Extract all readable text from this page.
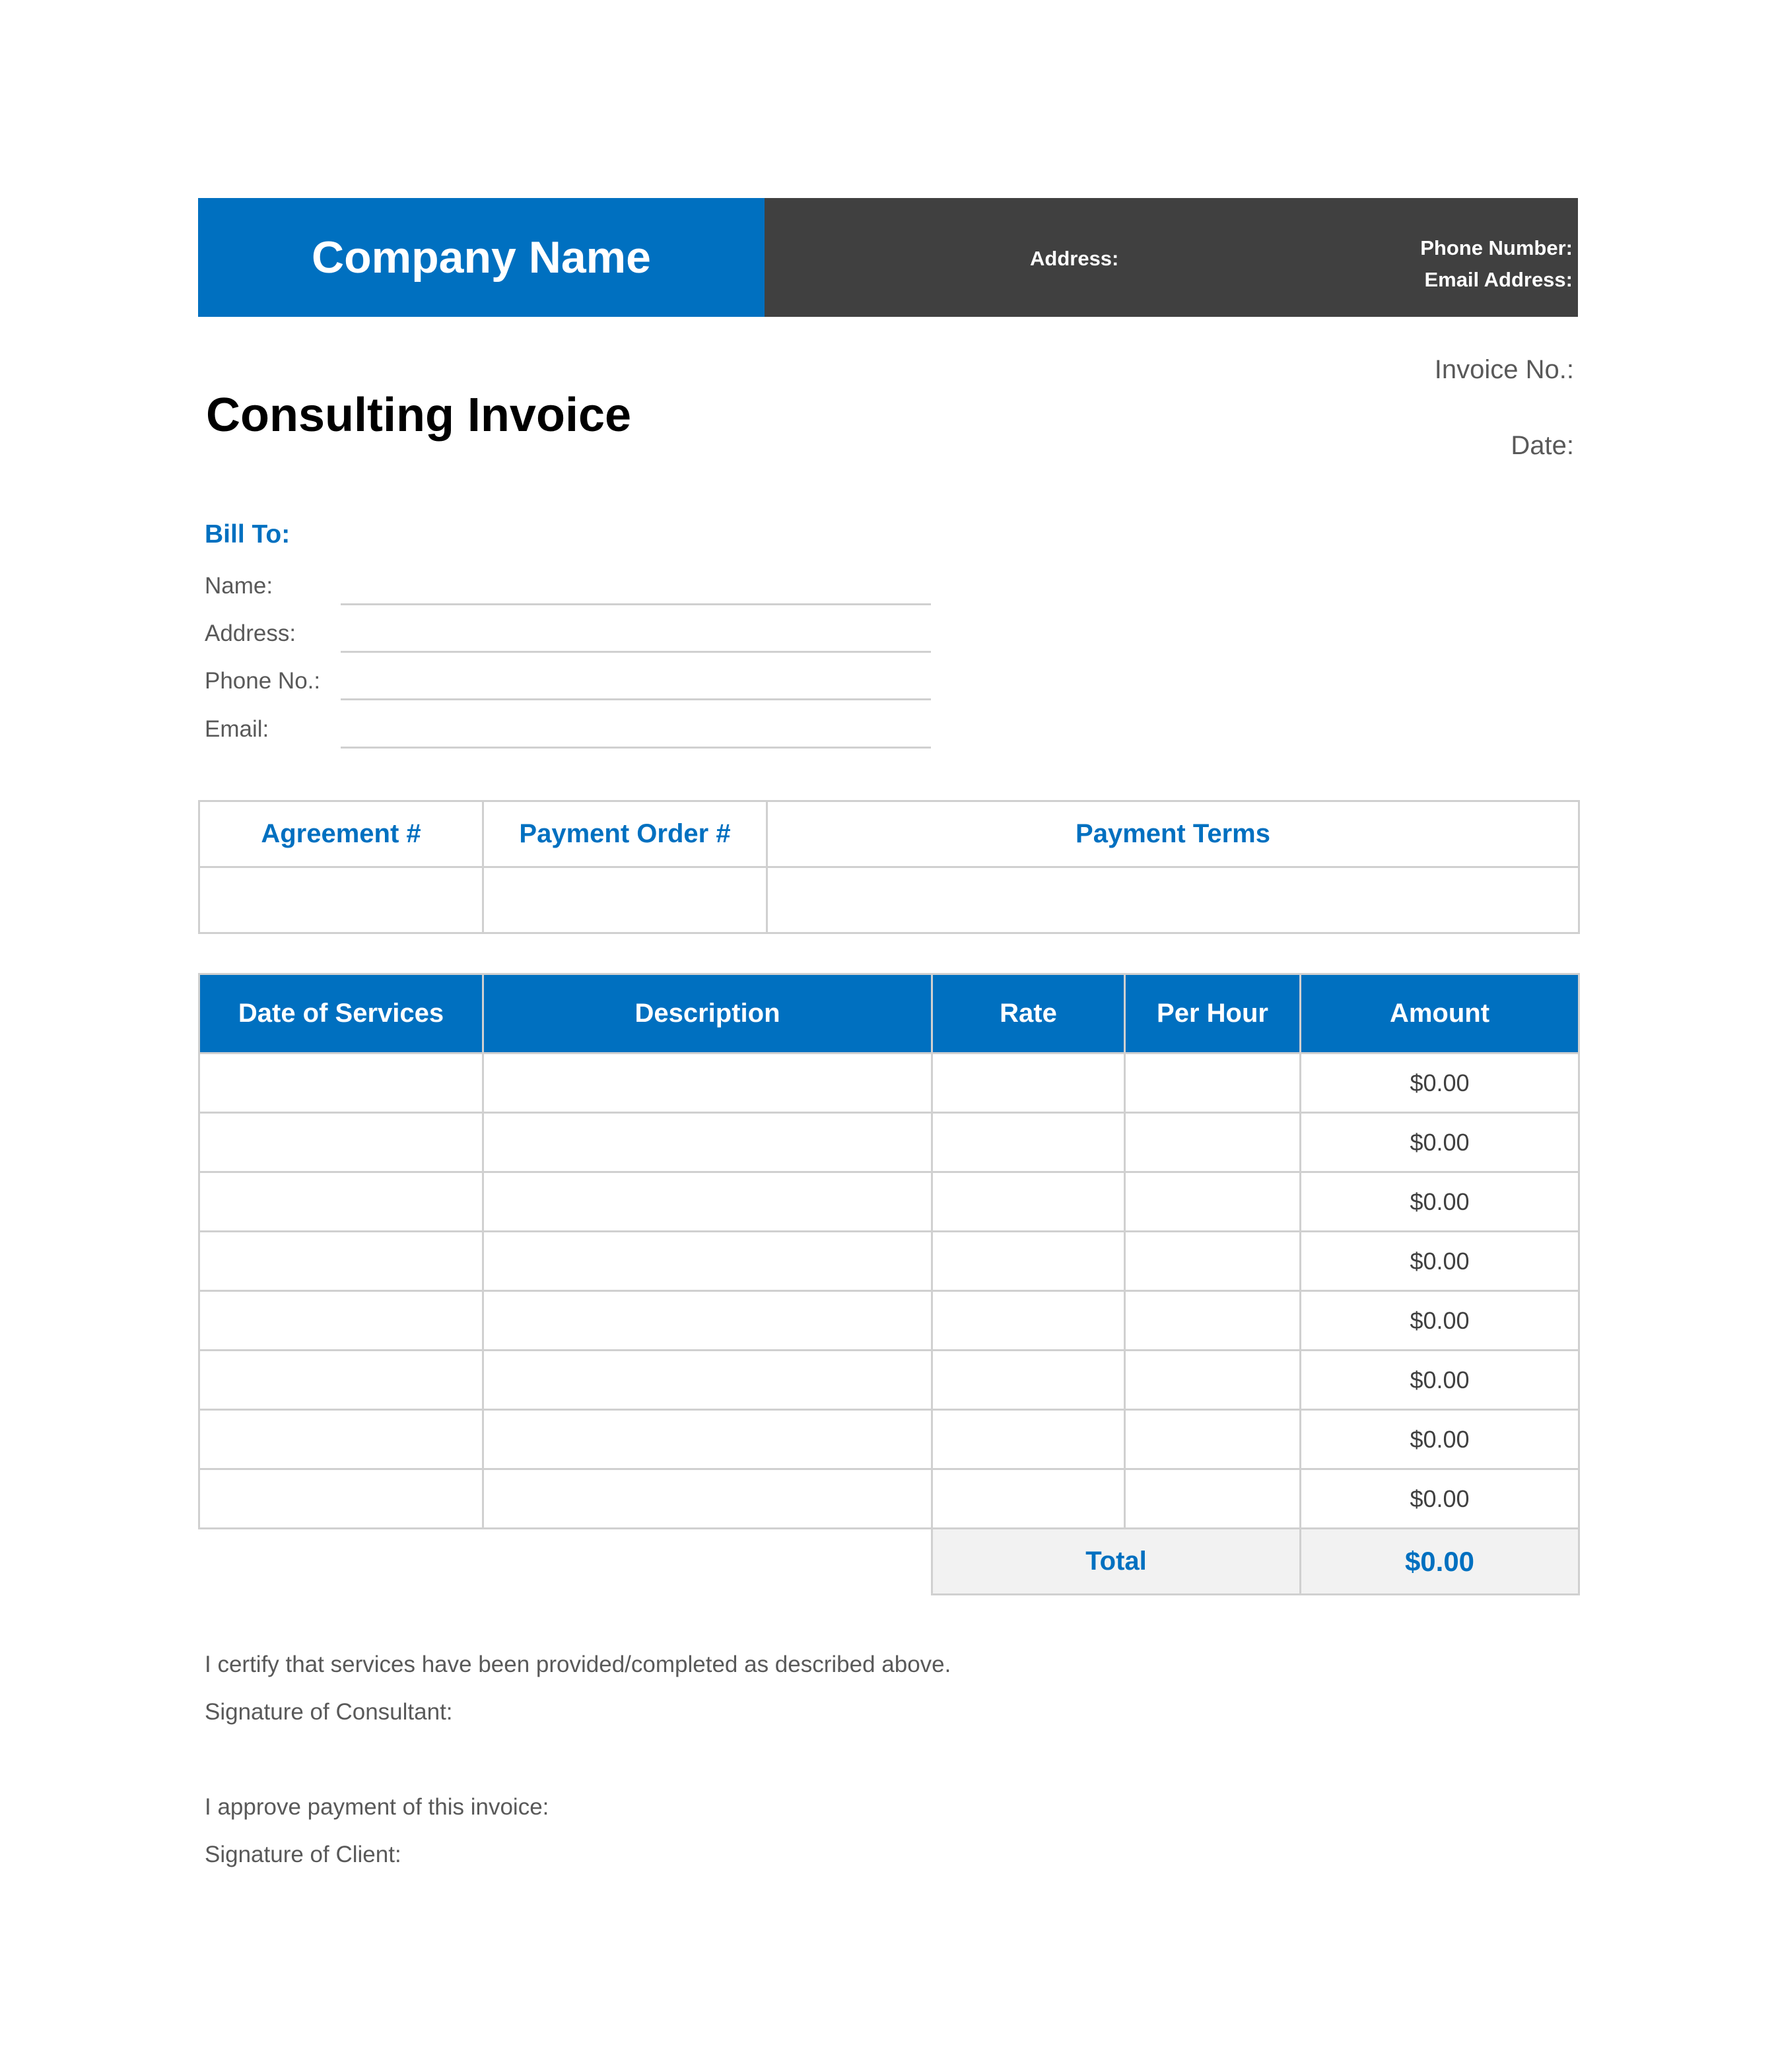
Company Name	Address:	Phone Number:
Email Address:
Consulting Invoice
Invoice No.:
Date:
Bill To:
Name:
Address:
Phone No.:
Email:
Agreement #	Payment Order #	Payment Terms

Date of Services	Description	Rate	Per Hour	Amount
				$0.00
				$0.00
				$0.00
				$0.00
				$0.00
				$0.00
				$0.00
				$0.00
		Total		$0.00
I certify that services have been provided/completed as described above.
Signature of Consultant:
I approve payment of this invoice:
Signature of Client:
